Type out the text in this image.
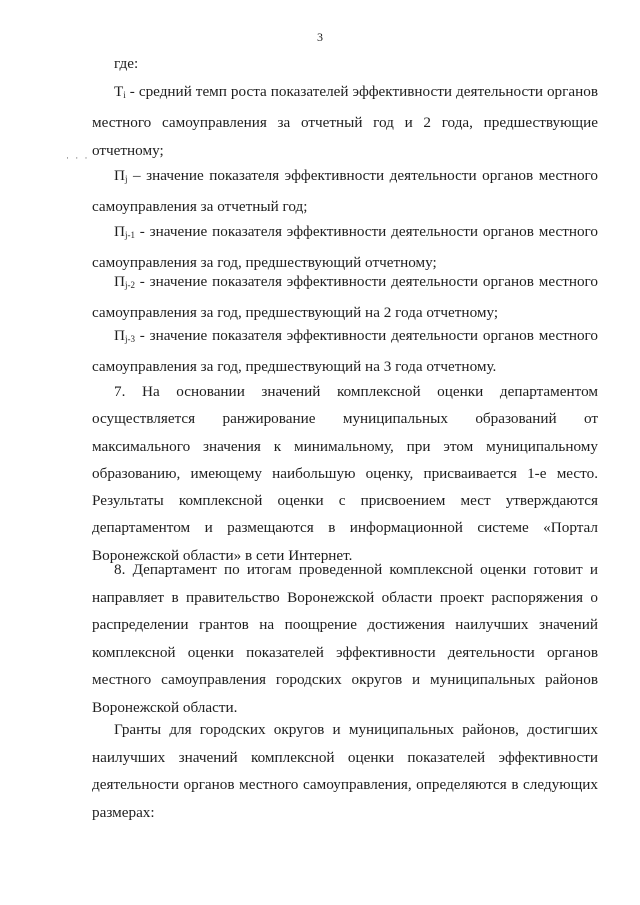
3
где:
$T_i$ - средний темп роста показателей эффективности деятельности органов местного самоуправления за отчетный год и 2 года, предшествующие отчетному;
· · ·
$П_j$ – значение показателя эффективности деятельности органов местного самоуправления за отчетный год;
$П_{j-1}$ - значение показателя эффективности деятельности органов местного самоуправления за год, предшествующий отчетному;
$П_{j-2}$ - значение показателя эффективности деятельности органов местного самоуправления за год, предшествующий на 2 года отчетному;
$П_{j-3}$ - значение показателя эффективности деятельности органов местного самоуправления за год, предшествующий на 3 года отчетному.
7. На основании значений комплексной оценки департаментом осуществляется ранжирование муниципальных образований от максимального значения к минимальному, при этом муниципальному образованию, имеющему наибольшую оценку, присваивается 1-е место. Результаты комплексной оценки с присвоением мест утверждаются департаментом и размещаются в информационной системе «Портал Воронежской области» в сети Интернет.
8. Департамент по итогам проведенной комплексной оценки готовит и направляет в правительство Воронежской области проект распоряжения о распределении грантов на поощрение достижения наилучших значений комплексной оценки показателей эффективности деятельности органов местного самоуправления городских округов и муниципальных районов Воронежской области.
Гранты для городских округов и муниципальных районов, достигших наилучших значений комплексной оценки показателей эффективности деятельности органов местного самоуправления, определяются в следующих размерах:
